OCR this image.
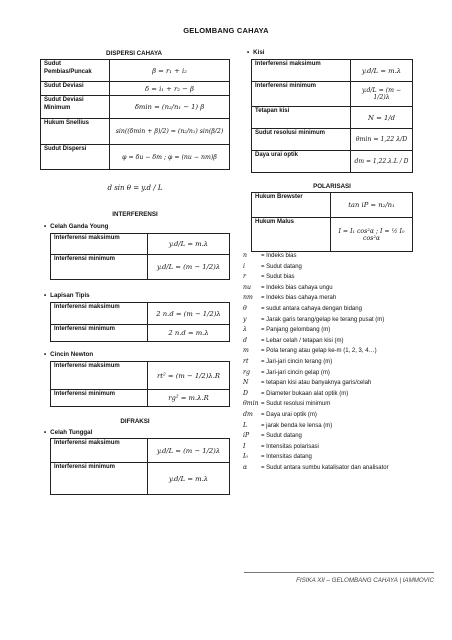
GELOMBANG CAHAYA
DISPERSI CAHAYA
Sudut Pembias/Puncak	β = r₁ + i₂
Sudut Deviasi	δ = i₁ + r₂ − β
Sudut Deviasi Minimum	δmin = (n₂/n₁ − 1) β
Hukum Snellius	sin((δmin + β)/2) = (n₂/n₁) sin(β/2)
Sudut Dispersi	φ = δu − δm ; φ = (nu − nm)β
d sin θ = y.d / L
INTERFERENSI
• Celah Ganda Young
Interferensi maksimum	y.d/L = m.λ
Interferensi minimum	y.d/L = (m − 1/2)λ
• Lapisan Tipis
Interferensi maksimum	2 n.d = (m − 1/2)λ
Interferensi minimum	2 n.d = m.λ
• Cincin Newton
Interferensi maksimum	rt² = (m − 1/2)λ.R
Interferensi minimum	rg² = m.λ.R
DIFRAKSI
• Celah Tunggal
Interferensi maksimum	y.d/L = (m − 1/2)λ
Interferensi minimum	y.d/L = m.λ
• Kisi
Interferensi maksimum	y.d/L = m.λ
Interferensi minimum	y.d/L = (m − 1/2)λ
Tetapan kisi	N = 1/d
Sudut resolusi minimum	θmin = 1,22 λ/D
Daya urai optik	dm = 1,22.λ.L / D
POLARISASI
Hukum Brewster	tan iP = n₂/n₁
Hukum Malus	I = I₁ cos²α ; I = ½ I₀ cos²α
n	= Indeks bias
i	= Sudut datang
r	= Sudut bias
nu	= Indeks bias cahaya ungu
nm	= Indeks bias cahaya merah
θ	= sudut antara cahaya dengan bidang
y	= Jarak garis terang/gelap ke terang pusat (m)
λ	= Panjang gelombang (m)
d	= Lebar celah / tetapan kisi (m)
m	= Pola terang atau gelap ke-m (1, 2, 3, 4…)
rt	= Jari-jari cincin terang (m)
rg	= Jari-jari cincin gelap (m)
N	= tetapan kisi atau banyaknya garis/celah
D	= Diameter bukaan alat optik (m)
θmin = Sudut resolusi minimum
dm	= Daya urai optik (m)
L	= jarak benda ke lensa (m)
iP	= Sudut datang
I	= Intensitas polarisasi
I₀	= Intensitas datang
α	= Sudut antara sumbu katalisator dan analisator
FISIKA XII – GELOMBANG CAHAYA | IAMMOVIC
